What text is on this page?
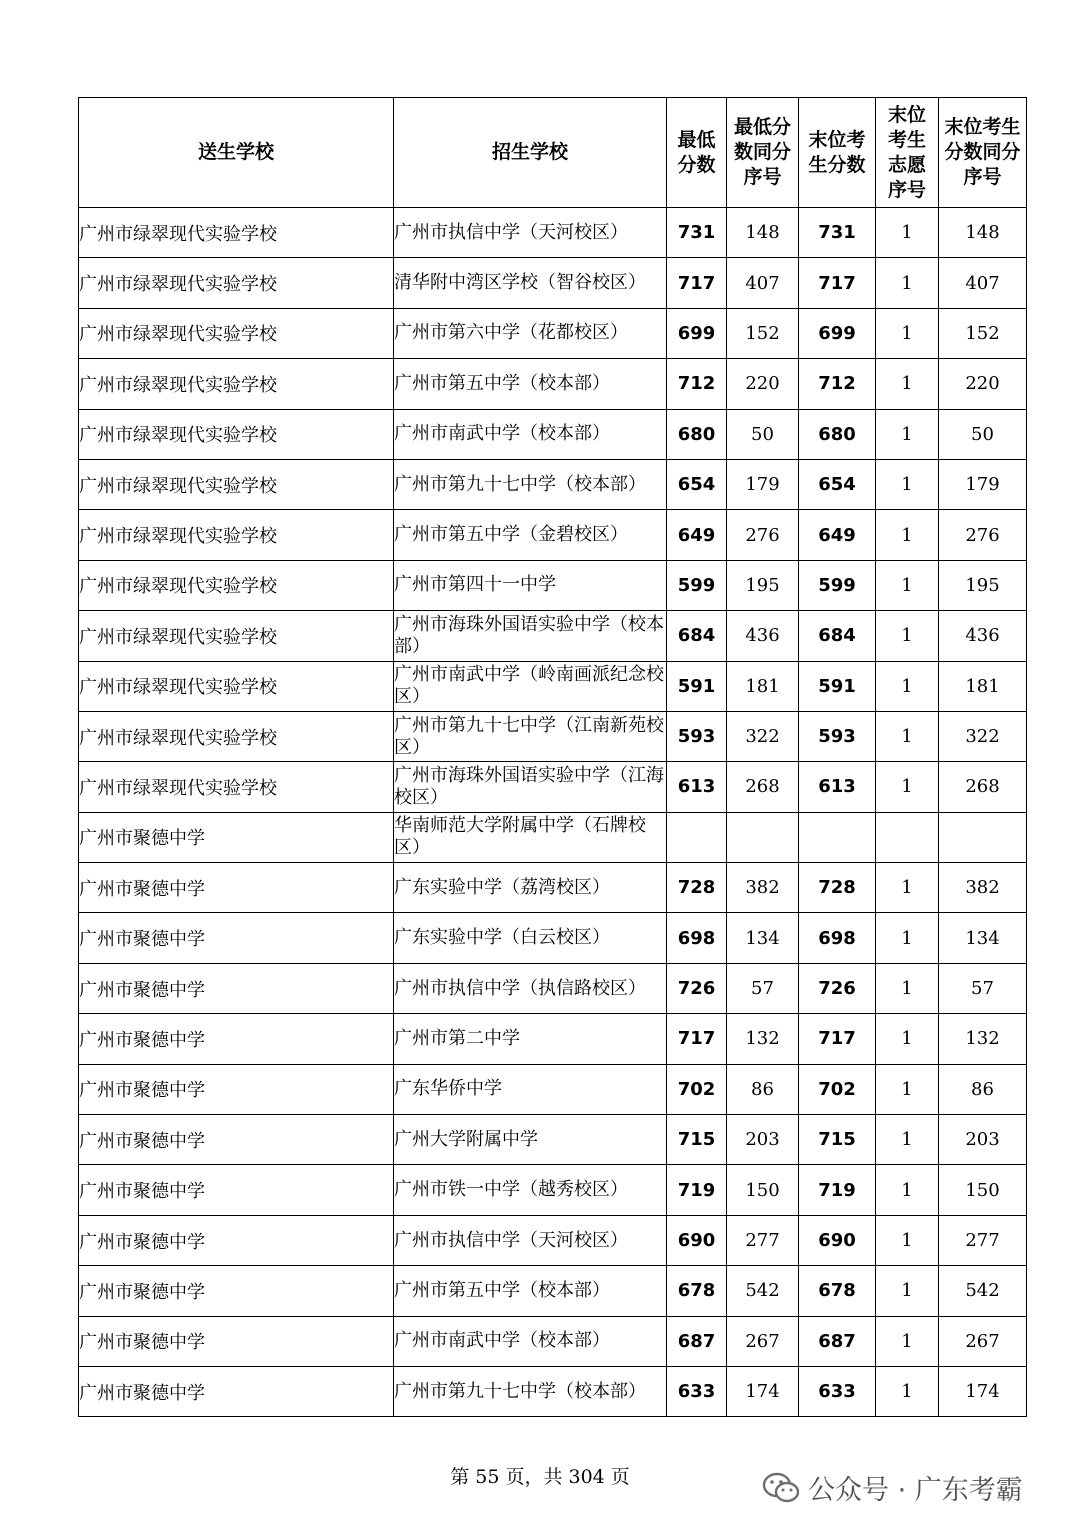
送生学校	招生学校	最低分数	最低分数同分序号	末位考生分数	末位考生志愿序号	末位考生分数同分序号
广州市绿翠现代实验学校	广州市执信中学（天河校区）	731	148	731	1	148
广州市绿翠现代实验学校	清华附中湾区学校（智谷校区）	717	407	717	1	407
广州市绿翠现代实验学校	广州市第六中学（花都校区）	699	152	699	1	152
广州市绿翠现代实验学校	广州市第五中学（校本部）	712	220	712	1	220
广州市绿翠现代实验学校	广州市南武中学（校本部）	680	50	680	1	50
广州市绿翠现代实验学校	广州市第九十七中学（校本部）	654	179	654	1	179
广州市绿翠现代实验学校	广州市第五中学（金碧校区）	649	276	649	1	276
广州市绿翠现代实验学校	广州市第四十一中学	599	195	599	1	195
广州市绿翠现代实验学校	广州市海珠外国语实验中学（校本部）	684	436	684	1	436
广州市绿翠现代实验学校	广州市南武中学（岭南画派纪念校区）	591	181	591	1	181
广州市绿翠现代实验学校	广州市第九十七中学（江南新苑校区）	593	322	593	1	322
广州市绿翠现代实验学校	广州市海珠外国语实验中学（江海校区）	613	268	613	1	268
广州市聚德中学	华南师范大学附属中学（石牌校区）					
广州市聚德中学	广东实验中学（荔湾校区）	728	382	728	1	382
广州市聚德中学	广东实验中学（白云校区）	698	134	698	1	134
广州市聚德中学	广州市执信中学（执信路校区）	726	57	726	1	57
广州市聚德中学	广州市第二中学	717	132	717	1	132
广州市聚德中学	广东华侨中学	702	86	702	1	86
广州市聚德中学	广州大学附属中学	715	203	715	1	203
广州市聚德中学	广州市铁一中学（越秀校区）	719	150	719	1	150
广州市聚德中学	广州市执信中学（天河校区）	690	277	690	1	277
广州市聚德中学	广州市第五中学（校本部）	678	542	678	1	542
广州市聚德中学	广州市南武中学（校本部）	687	267	687	1	267
广州市聚德中学	广州市第九十七中学（校本部）	633	174	633	1	174
第 55 页，共 304 页	公众号 · 广东考霸
